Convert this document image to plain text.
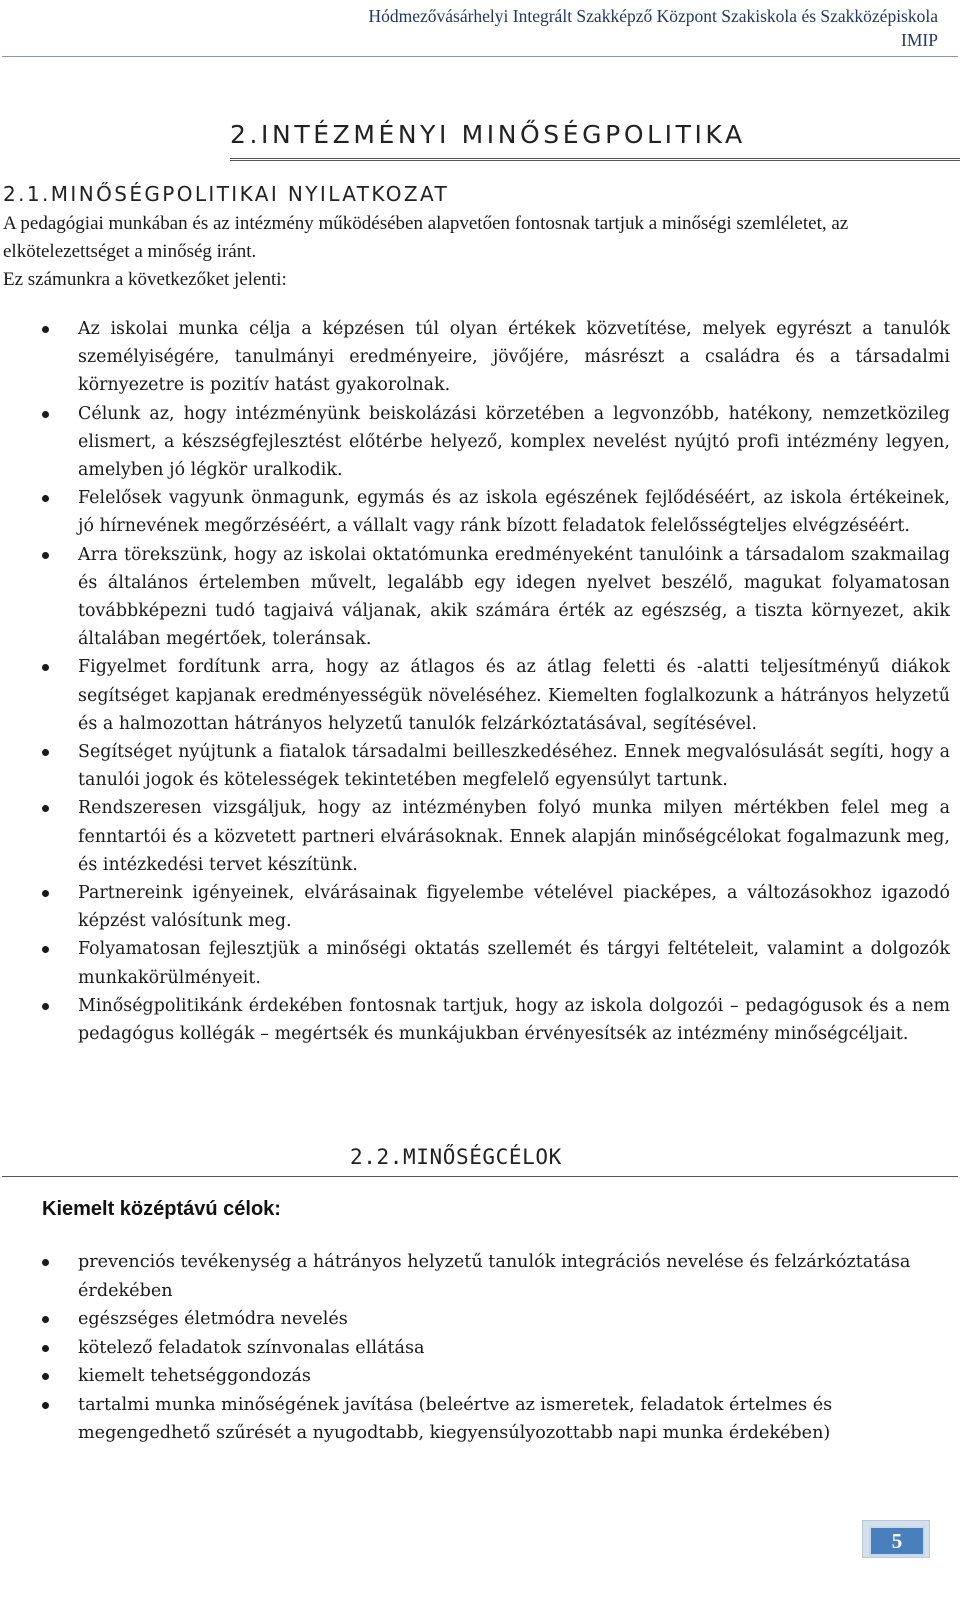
Hódmezővásárhelyi Integrált Szakképző Központ Szakiskola és Szakközépiskola
IMIP
2.INTÉZMÉNYI MINŐSÉGPOLITIKA
2.1.MINŐSÉGPOLITIKAI NYILATKOZAT

A pedagógiai munkában és az intézmény működésében alapvetően fontosnak tartjuk a minőségi szemléletet, az elkötelezettséget a minőség iránt.

Ez számunkra a következőket jelenti:

Az iskolai munka célja a képzésen túl olyan értékek közvetítése, melyek egyrészt a tanulók személyiségére, tanulmányi eredményeire, jövőjére, másrészt a családra és a társadalmi környezetre is pozitív hatást gyakorolnak.
Célunk az, hogy intézményünk beiskolázási körzetében a legvonzóbb, hatékony, nemzetközileg elismert, a készségfejlesztést előtérbe helyező, komplex nevelést nyújtó profi intézmény legyen, amelyben jó légkör uralkodik.
Felelősek vagyunk önmagunk, egymás és az iskola egészének fejlődéséért, az iskola értékeinek, jó hírnevének megőrzéséért, a vállalt vagy ránk bízott feladatok felelősségteljes elvégzéséért.
Arra törekszünk, hogy az iskolai oktatómunka eredményeként tanulóink a társadalom szakmailag és általános értelemben művelt, legalább egy idegen nyelvet beszélő, magukat folyamatosan továbbképezni tudó tagjaivá váljanak, akik számára érték az egészség, a tiszta környezet, akik általában megértőek, toleránsak.
Figyelmet fordítunk arra, hogy az átlagos és az átlag feletti és -alatti teljesítményű diákok segítséget kapjanak eredményességük növeléséhez. Kiemelten foglalkozunk a hátrányos helyzetű és a halmozottan hátrányos helyzetű tanulók felzárkóztatásával, segítésével.
Segítséget nyújtunk a fiatalok társadalmi beilleszkedéséhez. Ennek megvalósulását segíti, hogy a tanulói jogok és kötelességek tekintetében megfelelő egyensúlyt tartunk.
Rendszeresen vizsgáljuk, hogy az intézményben folyó munka milyen mértékben felel meg a fenntartói és a közvetett partneri elvárásoknak. Ennek alapján minőségcélokat fogalmazunk meg, és intézkedési tervet készítünk.
Partnereink igényeinek, elvárásainak figyelembe vételével piacképes, a változásokhoz igazodó képzést valósítunk meg.
Folyamatosan fejlesztjük a minőségi oktatás szellemét és tárgyi feltételeit, valamint a dolgozók munkakörülményeit.
Minőségpolitikánk érdekében fontosnak tartjuk, hogy az iskola dolgozói – pedagógusok és a nem pedagógus kollégák – megértsék és munkájukban érvényesítsék az intézmény minőségcéljait.
2.2.MINŐSÉGCÉLOK
Kiemelt középtávú célok:
prevenciós tevékenység a hátrányos helyzetű tanulók integrációs nevelése és felzárkóztatása érdekében
egészséges életmódra nevelés
kötelező feladatok színvonalas ellátása
kiemelt tehetséggondozás
tartalmi munka minőségének javítása (beleértve az ismeretek, feladatok értelmes és megengedhető szűrését a nyugodtabb, kiegyensúlyozottabb napi munka érdekében)
5
